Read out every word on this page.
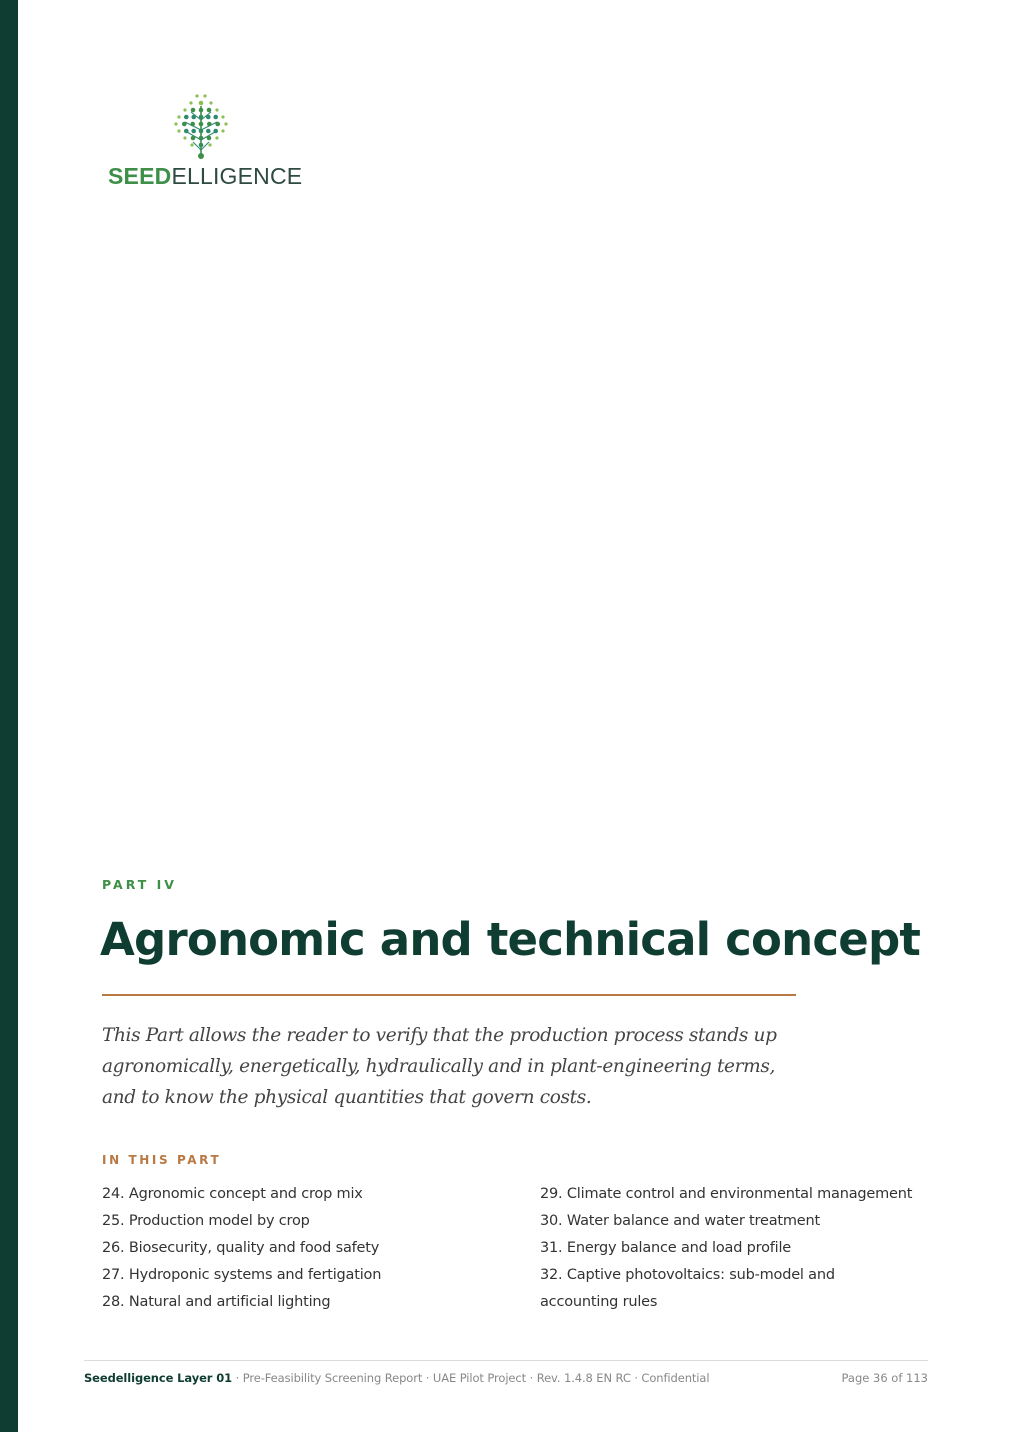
SEEDELLIGENCE
PART IV
Agronomic and technical concept
This Part allows the reader to verify that the production process stands up
agronomically, energetically, hydraulically and in plant-engineering terms,
and to know the physical quantities that govern costs.
IN THIS PART
24. Agronomic concept and crop mix
25. Production model by crop
26. Biosecurity, quality and food safety
27. Hydroponic systems and fertigation
28. Natural and artificial lighting
29. Climate control and environmental management
30. Water balance and water treatment
31. Energy balance and load profile
32. Captive photovoltaics: sub-model and accounting rules
Seedelligence Layer 01 · Pre-Feasibility Screening Report · UAE Pilot Project · Rev. 1.4.8 EN RC · Confidential	Page 36 of 113
